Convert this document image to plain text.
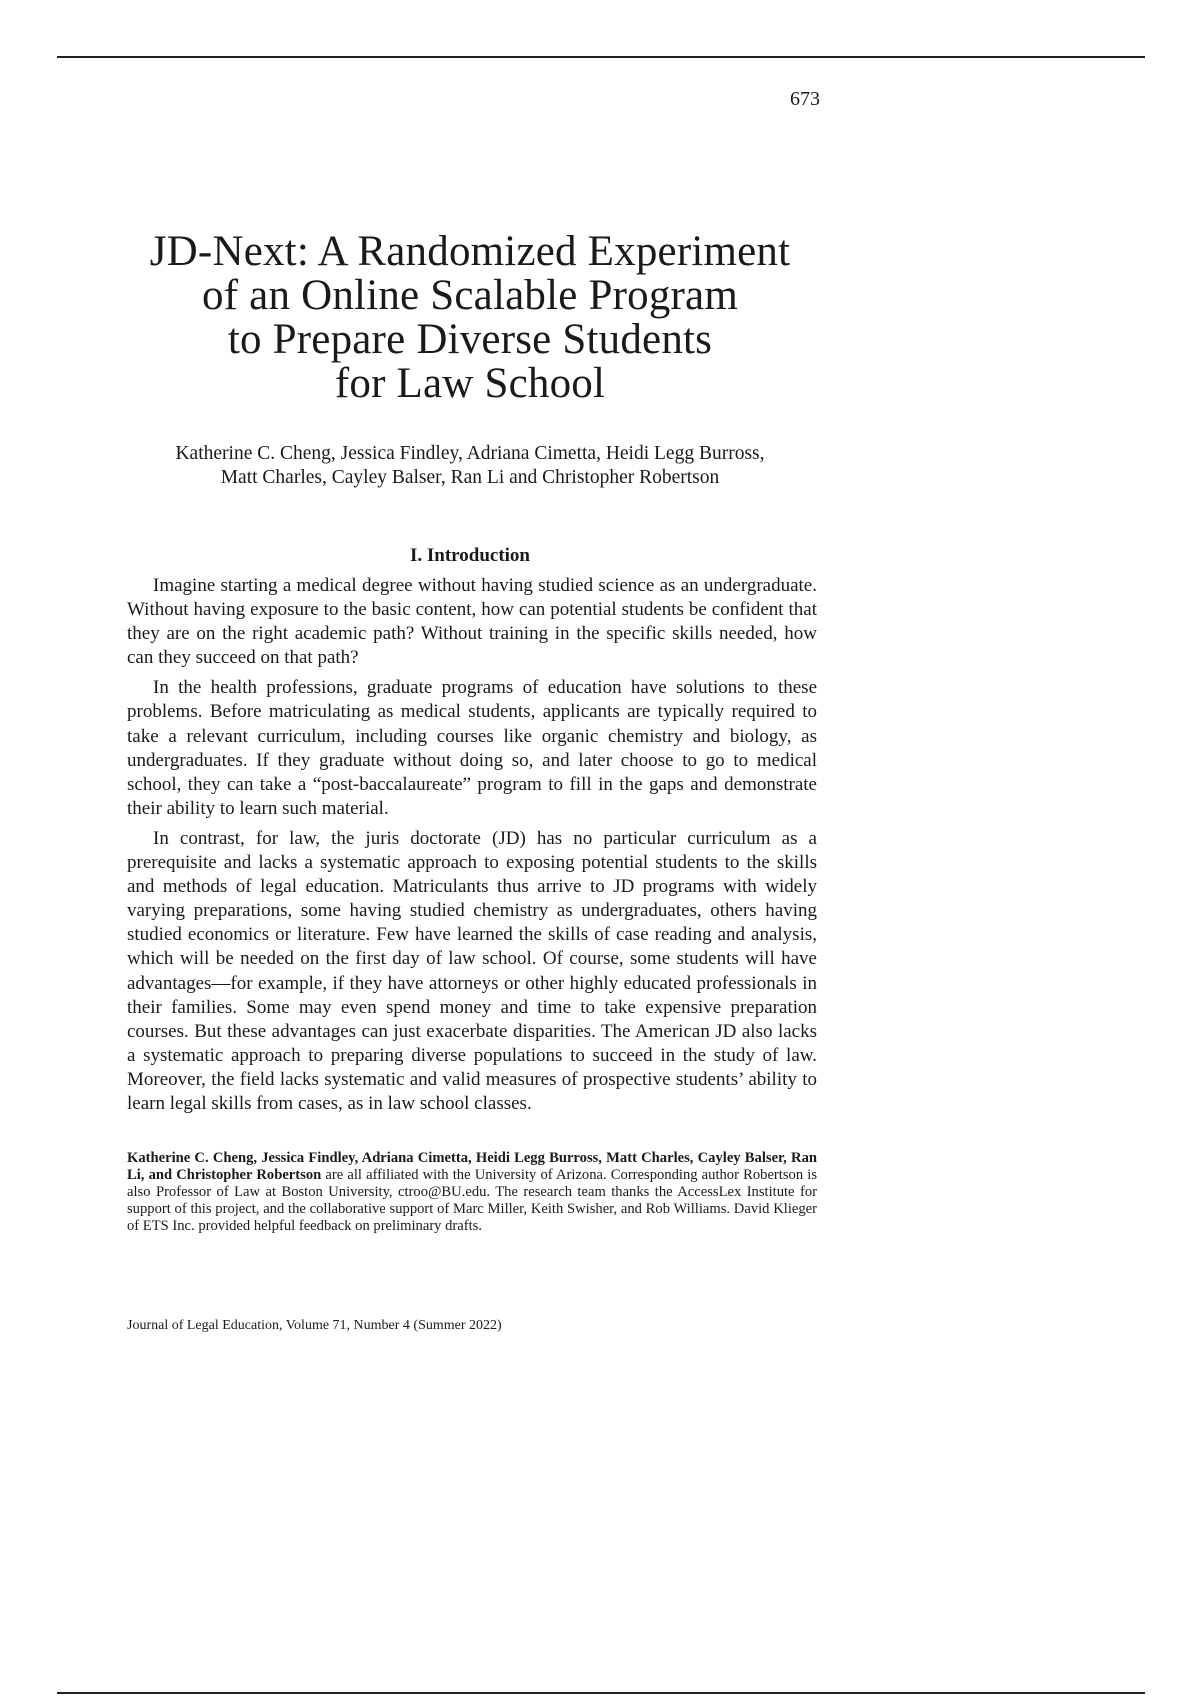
673
JD-Next: A Randomized Experiment
of an Online Scalable Program
to Prepare Diverse Students
for Law School
Katherine C. Cheng, Jessica Findley, Adriana Cimetta, Heidi Legg Burross,
Matt Charles, Cayley Balser, Ran Li and Christopher Robertson
I. Introduction

Imagine starting a medical degree without having studied science as an undergraduate. Without having exposure to the basic content, how can potential students be confident that they are on the right academic path? Without training in the specific skills needed, how can they succeed on that path?

In the health professions, graduate programs of education have solutions to these problems. Before matriculating as medical students, applicants are typically required to take a relevant curriculum, including courses like organic chemistry and biology, as undergraduates. If they graduate without doing so, and later choose to go to medical school, they can take a “post-baccalaureate” program to fill in the gaps and demonstrate their ability to learn such material.

In contrast, for law, the juris doctorate (JD) has no particular curriculum as a prerequisite and lacks a systematic approach to exposing potential students to the skills and methods of legal education. Matriculants thus arrive to JD programs with widely varying preparations, some having studied chemistry as undergraduates, others having studied economics or literature. Few have learned the skills of case reading and analysis, which will be needed on the first day of law school. Of course, some students will have advantages—for example, if they have attorneys or other highly educated professionals in their families. Some may even spend money and time to take expensive preparation courses. But these advantages can just exacerbate disparities. The American JD also lacks a systematic approach to preparing diverse populations to succeed in the study of law. Moreover, the field lacks systematic and valid measures of prospective students’ ability to learn legal skills from cases, as in law school classes.

Katherine C. Cheng, Jessica Findley, Adriana Cimetta, Heidi Legg Burross, Matt Charles, Cayley Balser, Ran Li, and Christopher Robertson are all affiliated with the University of Arizona. Corresponding author Robertson is also Professor of Law at Boston University, ctroo@BU.edu. The research team thanks the AccessLex Institute for support of this project, and the collaborative support of Marc Miller, Keith Swisher, and Rob Williams. David Klieger of ETS Inc. provided helpful feedback on preliminary drafts.
Journal of Legal Education, Volume 71, Number 4 (Summer 2022)
